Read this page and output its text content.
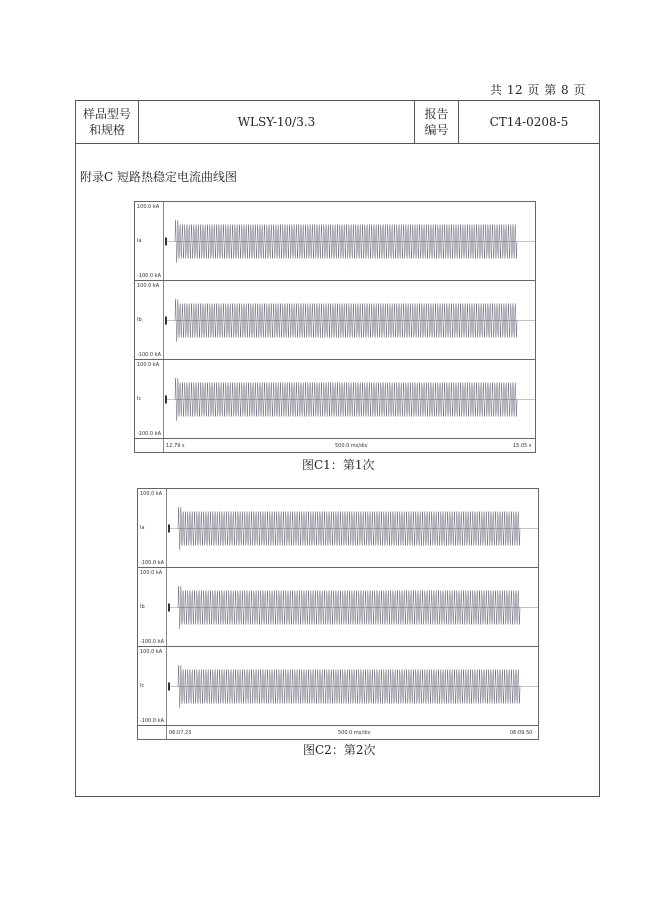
共 12 页 第 8 页
样品型号
和规格
WLSY-10/3.3
报告
编号
CT14-0208-5
附录C 短路热稳定电流曲线图
100.0 kA
Ia
-100.0 kA
100.0 kA
Ib
-100.0 kA
100.0 kA
Ic
-100.0 kA
12.79 s	500.0 ms/div	15.05 s
图C1：第1次
100.0 kA
Ia
-100.0 kA
100.0 kA
Ib
-100.0 kA
100.0 kA
Ic
-100.0 kA
06:07.23	500.0 ms/div	06:09.50
图C2：第2次
